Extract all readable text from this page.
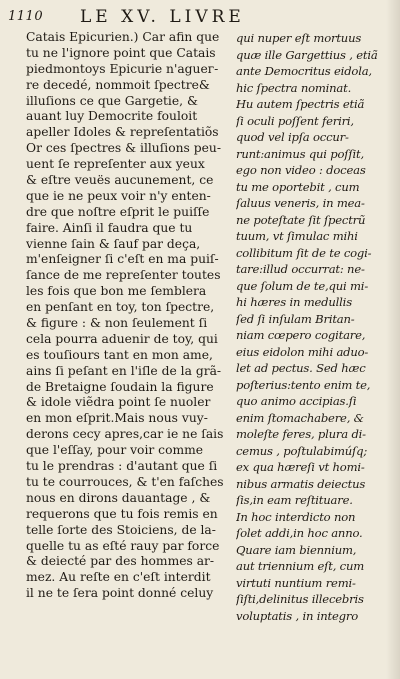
1110 LE XV. LIVRE
Catais Epicurien.) Car afin que
tu ne l'ignore point que Catais
piedmontoys Epicurie n'agueг-
re decedé, nommoit ſpectre&
illuſions ce que Gargetie, &
auant luy Democrite fouloit
apeller Idoles & repreſentatiõs
Or ces ſpectres & illuſions peu-
uent ſe repreſenter aux yeux
& eſtre veuës aucunement, ce
que ie ne peux voir n'y enten-
dre que noſtre eſprit le puiſſe
faire. Ainſi il faudra que tu
vienne ſain & ſauf par deça,
m'enſeigner ſi c'eſt en ma puiſ-
ſance de me repreſenter toutes
les fois que bon me ſemblera
en penſant en toy, ton ſpectre,
& figure : & non ſeulement ſi
cela pourra aduenir de toy, qui
es touſiours tant en mon ame,
ains ſi peſant en l'iſle de la grã-
de Bretaigne ſoudain la figure
& idole viẽdra point ſe nuoler
en mon eſprit.Mais nous vuy-
derons cecy apres,car ie ne ſais
que l'eſſay, pour voir comme
tu le prendras : d'autant que ſi
tu te courrouces, & t'en faſches
nous en dirons dauantage , &
requerons que tu fois remis en
telle ſorte des Stoiciens, de la-
quelle tu as eſté rauy par force
& deiecté par des hommes ar-
mez. Au reſte en c'eſt interdit
il ne te ſera point donné celuy
qui nuper eſt mortuus
quæ ille Gargettius , etiã
ante Democritus eidola,
hic ſpectra nominat.
Hu autem ſpectris etiã
ſi oculi poſſent feriri,
quod vel ipſa occur-
runt:animus qui poſſit,
ego non video : doceas
tu me oportebit , cum
ſaluus veneris, in mea-
ne poteſtate ſit ſpectrũ
tuum, vt ſimulac mihi
collibitum ſit de te cogi-
tare:illud occurrat: ne-
que ſolum de te,qui mi-
hi hæres in medullis
ſed ſi inſulam Britan-
niam cœpero cogitare,
eius eidolon mihi aduo-
let ad pectus. Sed hæc
poſterius:tento enim te,
quo animo accipias.ſi
enim ſtomachabere, &
moleſte feres, plura di-
cemus , poſtulabimúſq;
ex qua hæreſi vt homi-
nibus armatis deiectus
ſis,in eam reſtituare.
In hoc interdicto non
ſolet addi,in hoc anno.
Quare iam biennium,
aut triennium eſt, cum
virtuti nuntium remi-
ſiſti,delinitus illecebris
voluptatis , in integro
